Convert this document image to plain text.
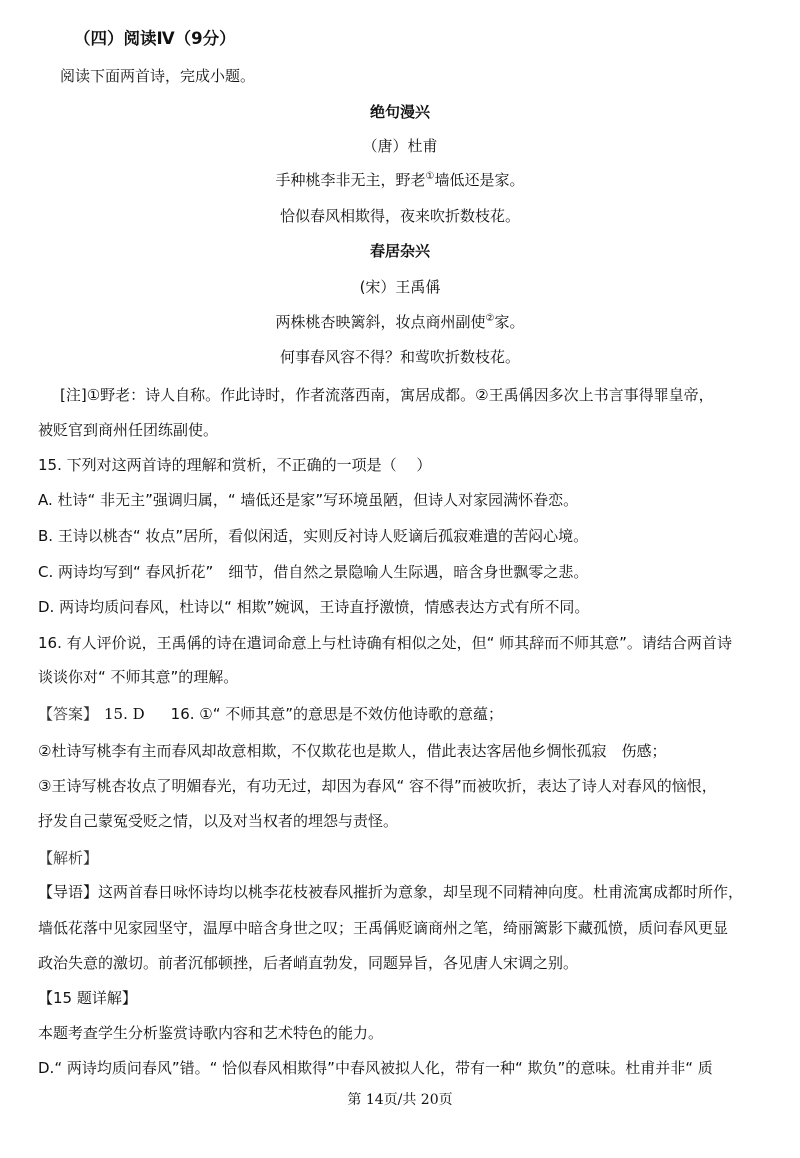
（四）阅读Ⅳ（9分）
阅读下面两首诗，完成小题。
绝句漫兴
（唐）杜甫
手种桃李非无主，野老①墙低还是家。
恰似春风相欺得，夜来吹折数枝花。
春居杂兴
(宋）王禹偁
两株桃杏映篱斜，妆点商州副使②家。
何事春风容不得？和莺吹折数枝花。
[注]①野老：诗人自称。作此诗时，作者流落西南，寓居成都。②王禹偁因多次上书言事得罪皇帝，
被贬官到商州任团练副使。
15. 下列对这两首诗的理解和赏析，不正确的一项是（　 ）
A. 杜诗“ 非无主”强调归属，“ 墙低还是家”写环境虽陋，但诗人对家园满怀眷恋。
B. 王诗以桃杏“ 妆点”居所，看似闲适，实则反衬诗人贬谪后孤寂难遣的苦闷心境。
C. 两诗均写到“ 春风折花”　细节，借自然之景隐喻人生际遇，暗含身世飘零之悲。
D. 两诗均质问春风，杜诗以“ 相欺”婉讽，王诗直抒激愤，情感表达方式有所不同。
16. 有人评价说，王禹偁的诗在遣词命意上与杜诗确有相似之处，但“ 师其辞而不师其意”。请结合两首诗
谈谈你对“ 不师其意”的理解。
【答案】 15. D 16. ①“ 不师其意”的意思是不效仿他诗歌的意蕴；
②杜诗写桃李有主而春风却故意相欺，不仅欺花也是欺人，借此表达客居他乡惆怅孤寂　伤感；
③王诗写桃杏妆点了明媚春光，有功无过，却因为春风“ 容不得”而被吹折，表达了诗人对春风的恼恨，
抒发自己蒙冤受贬之情，以及对当权者的埋怨与责怪。
【解析】
【导语】这两首春日咏怀诗均以桃李花枝被春风摧折为意象，却呈现不同精神向度。杜甫流寓成都时所作，
墙低花落中见家园坚守，温厚中暗含身世之叹；王禹偁贬谪商州之笔，绮丽篱影下藏孤愤，质问春风更显
政治失意的激切。前者沉郁顿挫，后者峭直勃发，同题异旨，各见唐人宋调之别。
【15 题详解】
本题考查学生分析鉴赏诗歌内容和艺术特色的能力。
D.“ 两诗均质问春风”错。“ 恰似春风相欺得”中春风被拟人化，带有一种“ 欺负”的意味。杜甫并非“ 质
第 14页/共 20页
